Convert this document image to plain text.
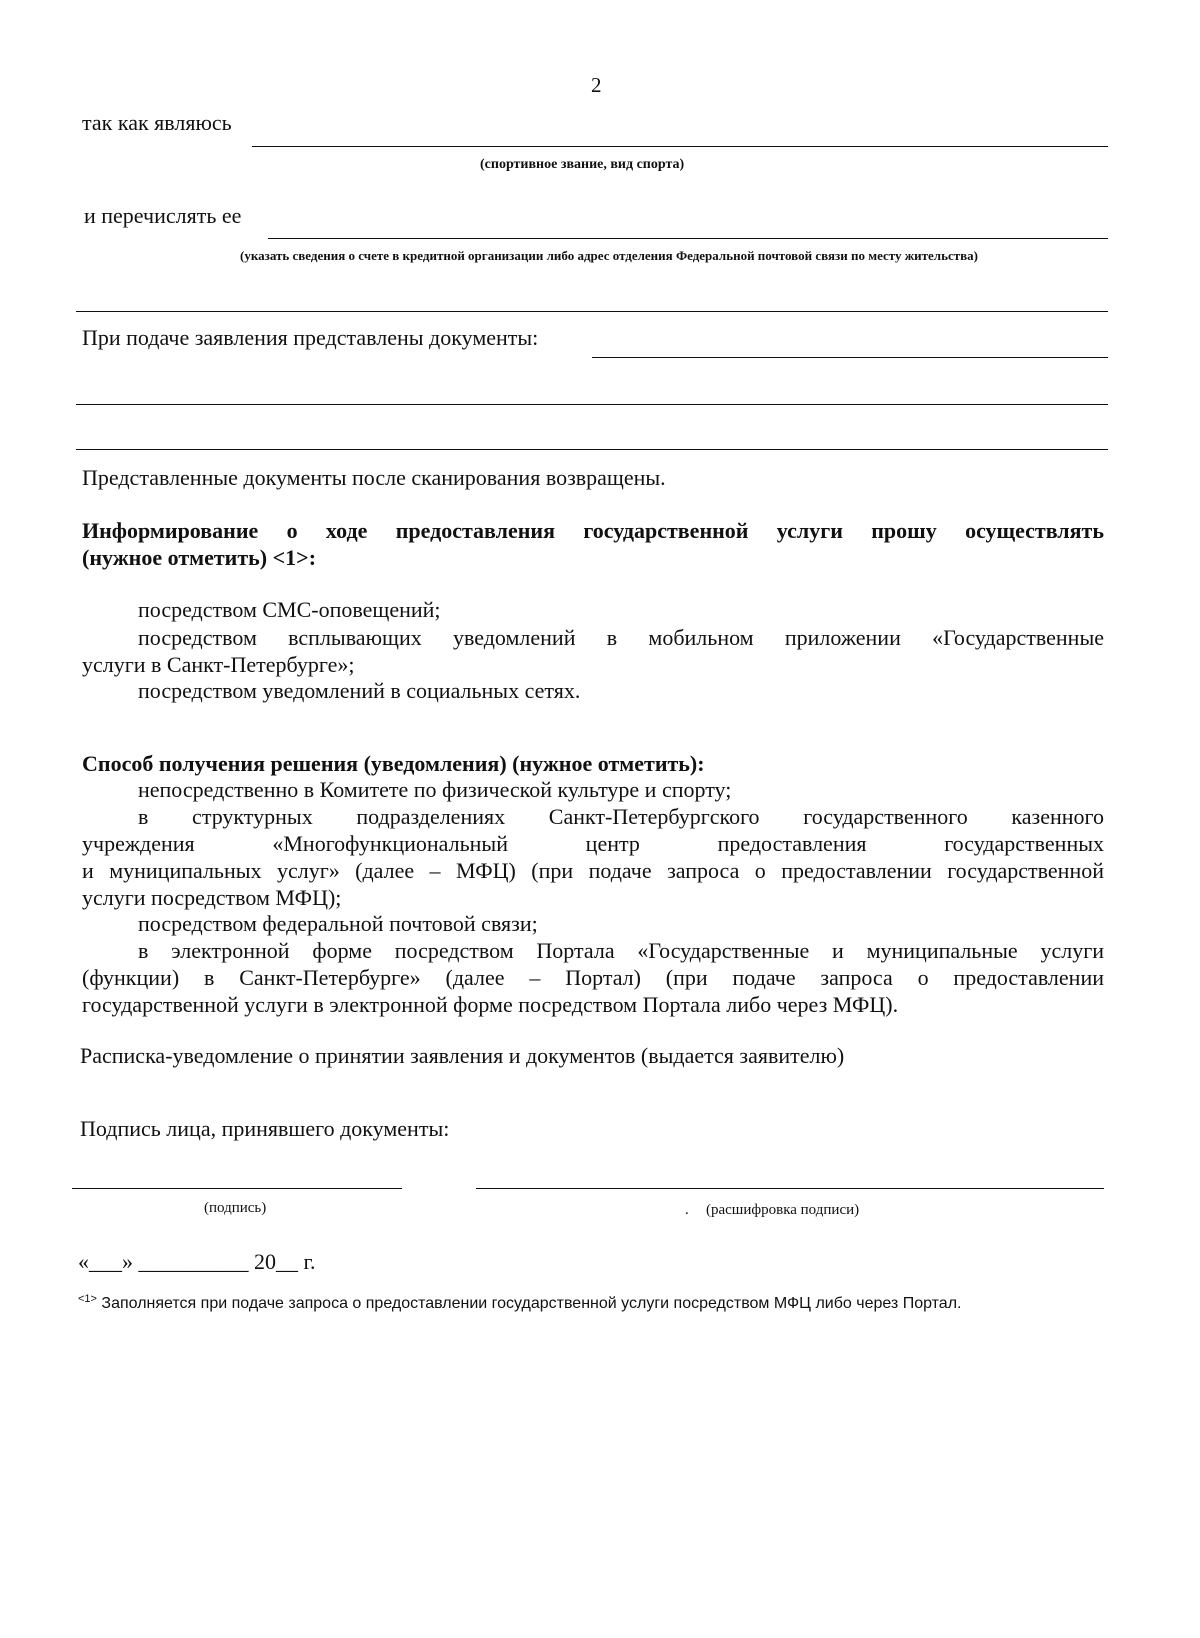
2
так как являюсь
(спортивное звание, вид спорта)
и перечислять ее
(указать сведения о счете в кредитной организации либо адрес отделения Федеральной почтовой связи по месту жительства)
При подаче заявления представлены документы:
Представленные документы после сканирования возвращены.
Информирование о ходе предоставления государственной услуги прошу осуществлять
(нужное отметить) <1>:
посредством СМС-оповещений;
посредством всплывающих уведомлений в мобильном приложении «Государственные
услуги в Санкт-Петербурге»;
посредством уведомлений в социальных сетях.
Способ получения решения (уведомления) (нужное отметить):
непосредственно в Комитете по физической культуре и спорту;
в структурных подразделениях Санкт-Петербургского государственного казенного
учреждения «Многофункциональный центр предоставления государственных
и муниципальных услуг» (далее – МФЦ) (при подаче запроса о предоставлении государственной
услуги посредством МФЦ);
посредством федеральной почтовой связи;
в электронной форме посредством Портала «Государственные и муниципальные услуги
(функции) в Санкт-Петербурге» (далее – Портал) (при подаче запроса о предоставлении
государственной услуги в электронной форме посредством Портала либо через МФЦ).
Расписка-уведомление о принятии заявления и документов (выдается заявителю)
Подпись лица, принявшего документы:
(подпись)	. (расшифровка подписи)
«___» __________ 20__ г.
$^{<1>}$ Заполняется при подаче запроса о предоставлении государственной услуги посредством МФЦ либо через Портал.
